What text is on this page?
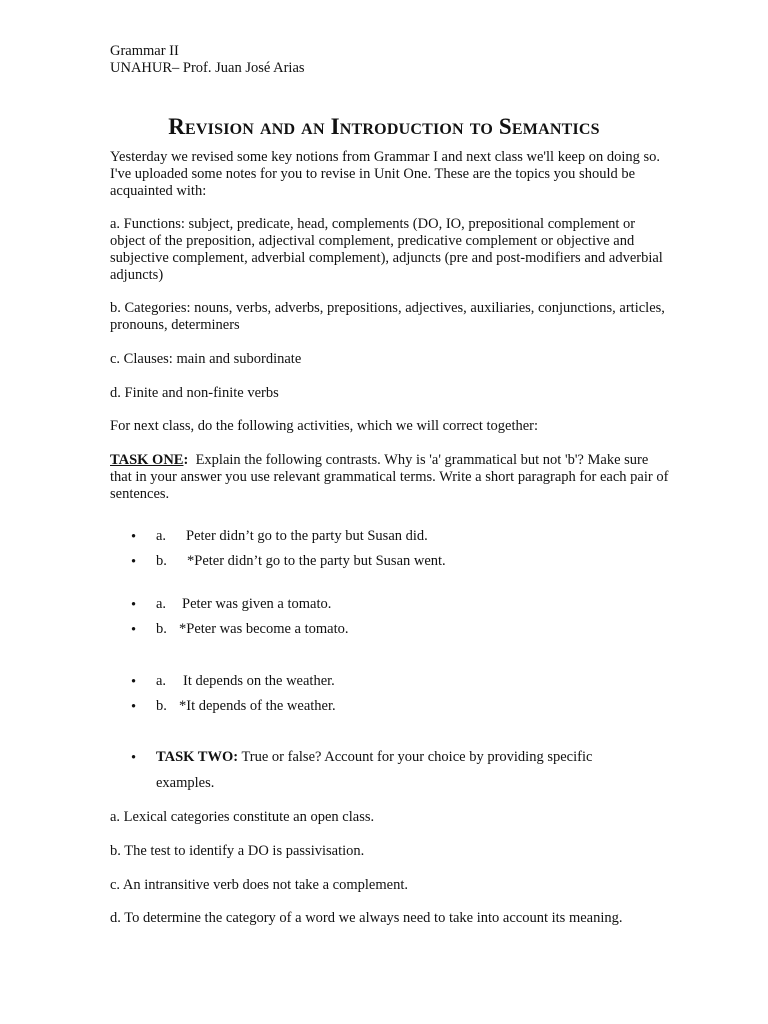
Grammar II

UNAHUR– Prof. Juan José Arias

Revision and an Introduction to Semantics

Yesterday we revised some key notions from Grammar I and next class we'll keep on doing so. I've uploaded some notes for you to revise in Unit One. These are the topics you should be acquainted with:

a. Functions: subject, predicate, head, complements (DO, IO, prepositional complement or object of the preposition, adjectival complement, predicative complement or objective and subjective complement, adverbial complement), adjuncts (pre and post-modifiers and adverbial adjuncts)

b. Categories: nouns, verbs, adverbs, prepositions, adjectives, auxiliaries, conjunctions, articles, pronouns, determiners

c. Clauses: main and subordinate

d. Finite and non-finite verbs

For next class, do the following activities, which we will correct together:

TASK ONE: Explain the following contrasts. Why is 'a' grammatical but not 'b'? Make sure that in your answer you use relevant grammatical terms. Write a short paragraph for each pair of sentences.

• a. Peter didn’t go to the party but Susan did.
• b. *Peter didn’t go to the party but Susan went.
• a. Peter was given a tomato.
• b. *Peter was become a tomato.
• a. It depends on the weather.
• b. *It depends of the weather.
• TASK TWO: True or false? Account for your choice by providing specific
examples.

a. Lexical categories constitute an open class.

b. The test to identify a DO is passivisation.

c. An intransitive verb does not take a complement.

d. To determine the category of a word we always need to take into account its meaning.
